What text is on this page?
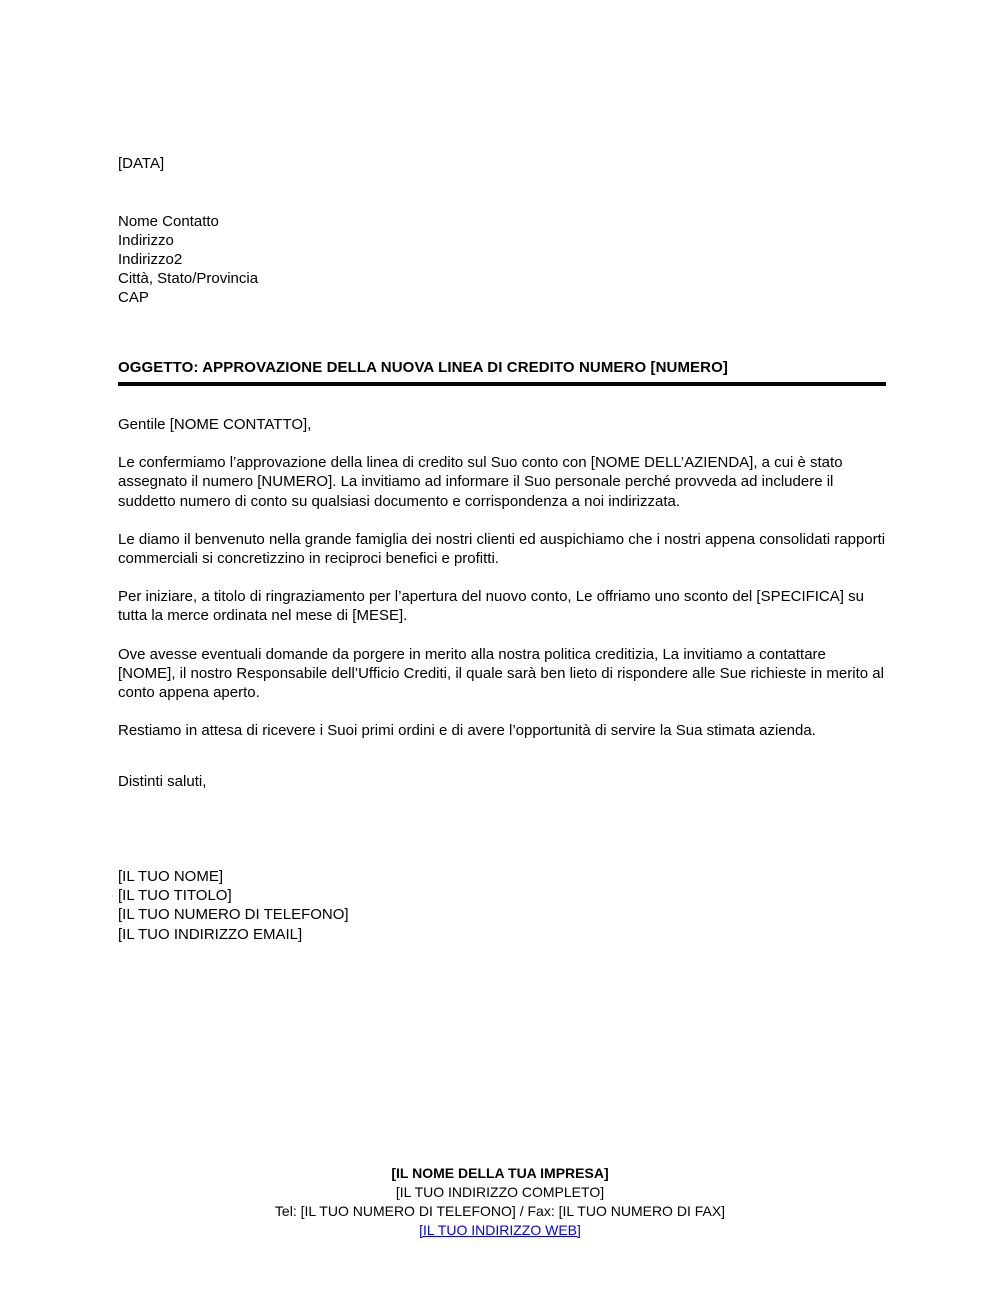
[DATA]
Nome Contatto
Indirizzo
Indirizzo2
Città, Stato/Provincia
CAP
OGGETTO: APPROVAZIONE DELLA NUOVA LINEA DI CREDITO NUMERO [NUMERO]

Gentile [NOME CONTATTO],

Le confermiamo l’approvazione della linea di credito sul Suo conto con [NOME DELL’AZIENDA], a cui è stato assegnato il numero [NUMERO]. La invitiamo ad informare il Suo personale perché provveda ad includere il suddetto numero di conto su qualsiasi documento e corrispondenza a noi indirizzata.

Le diamo il benvenuto nella grande famiglia dei nostri clienti ed auspichiamo che i nostri appena consolidati rapporti commerciali si concretizzino in reciproci benefici e profitti.

Per iniziare, a titolo di ringraziamento per l’apertura del nuovo conto, Le offriamo uno sconto del [SPECIFICA] su tutta la merce ordinata nel mese di [MESE].

Ove avesse eventuali domande da porgere in merito alla nostra politica creditizia, La invitiamo a contattare [NOME], il nostro Responsabile dell’Ufficio Crediti, il quale sarà ben lieto di rispondere alle Sue richieste in merito al conto appena aperto.

Restiamo in attesa di ricevere i Suoi primi ordini e di avere l’opportunità di servire la Sua stimata azienda.

Distinti saluti,
[IL TUO NOME]
[IL TUO TITOLO]
[IL TUO NUMERO DI TELEFONO]
[IL TUO INDIRIZZO EMAIL]
[IL NOME DELLA TUA IMPRESA]
[IL TUO INDIRIZZO COMPLETO]
Tel: [IL TUO NUMERO DI TELEFONO] / Fax: [IL TUO NUMERO DI FAX]
[IL TUO INDIRIZZO WEB]
